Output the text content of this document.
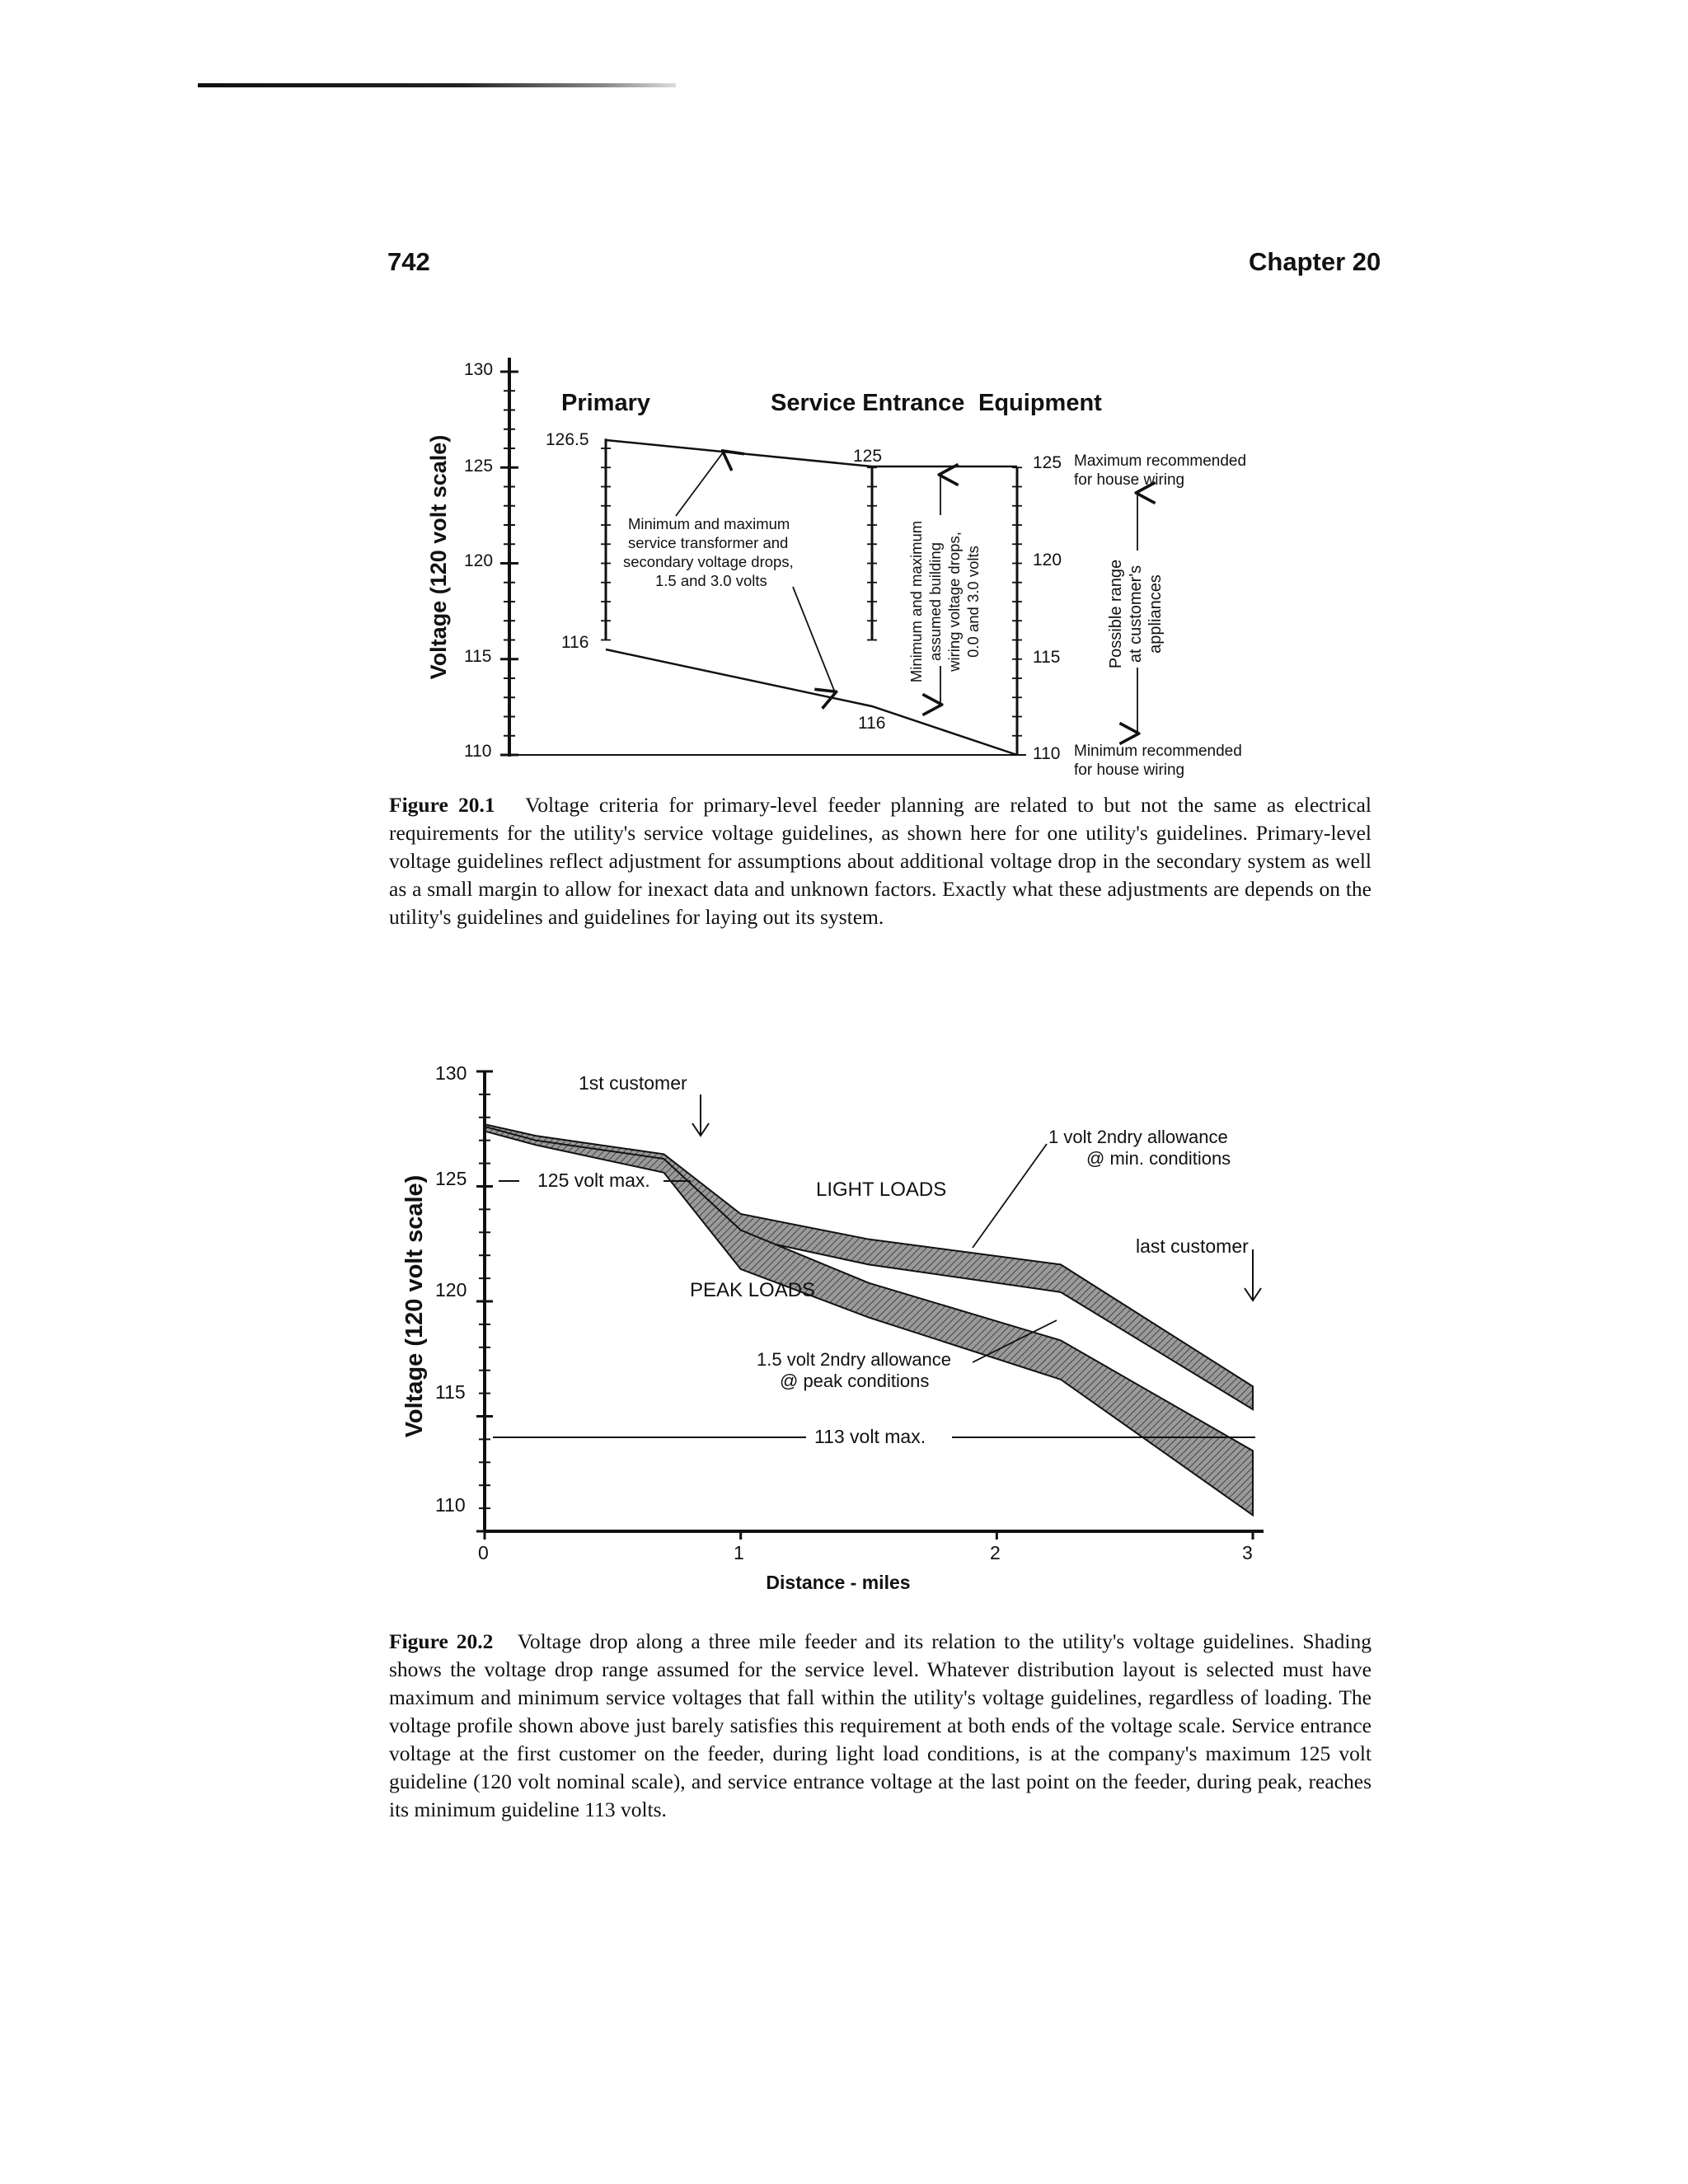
742	Chapter 20
130
125
120
115
110
Voltage (120 volt scale)
Primary	Service Entrance Equipment
126.5
116
125
116
125
120
115
110
Minimum and maximum
service transformer and
secondary voltage drops,
1.5 and 3.0 volts	Minimum and maximum assumed building wiring voltage drops, 0.0 and 3.0 volts	Possible range at customer's appliances
Maximum recommended
for house wiring
Minimum recommended
for house wiring
Figure 20.1 Voltage criteria for primary-level feeder planning are related to but not the same as electrical requirements for the utility's service voltage guidelines, as shown here for one utility's guidelines. Primary-level voltage guidelines reflect adjustment for assumptions about additional voltage drop in the secondary system as well as a small margin to allow for inexact data and unknown factors. Exactly what these adjustments are depends on the utility's guidelines and guidelines for laying out its system.
130
125
120
115
110
0	1	2	3
Distance - miles
Voltage (120 volt scale)	125 volt max.
113 volt max.
1st customer
LIGHT LOADS
PEAK LOADS
1 volt 2ndry allowance
@ min. conditions
1.5 volt 2ndry allowance
@ peak conditions
last customer
Figure 20.2 Voltage drop along a three mile feeder and its relation to the utility's voltage guidelines. Shading shows the voltage drop range assumed for the service level. Whatever distribution layout is selected must have maximum and minimum service voltages that fall within the utility's voltage guidelines, regardless of loading. The voltage profile shown above just barely satisfies this requirement at both ends of the voltage scale. Service entrance voltage at the first customer on the feeder, during light load conditions, is at the company's maximum 125 volt guideline (120 volt nominal scale), and service entrance voltage at the last point on the feeder, during peak, reaches its minimum guideline 113 volts.
